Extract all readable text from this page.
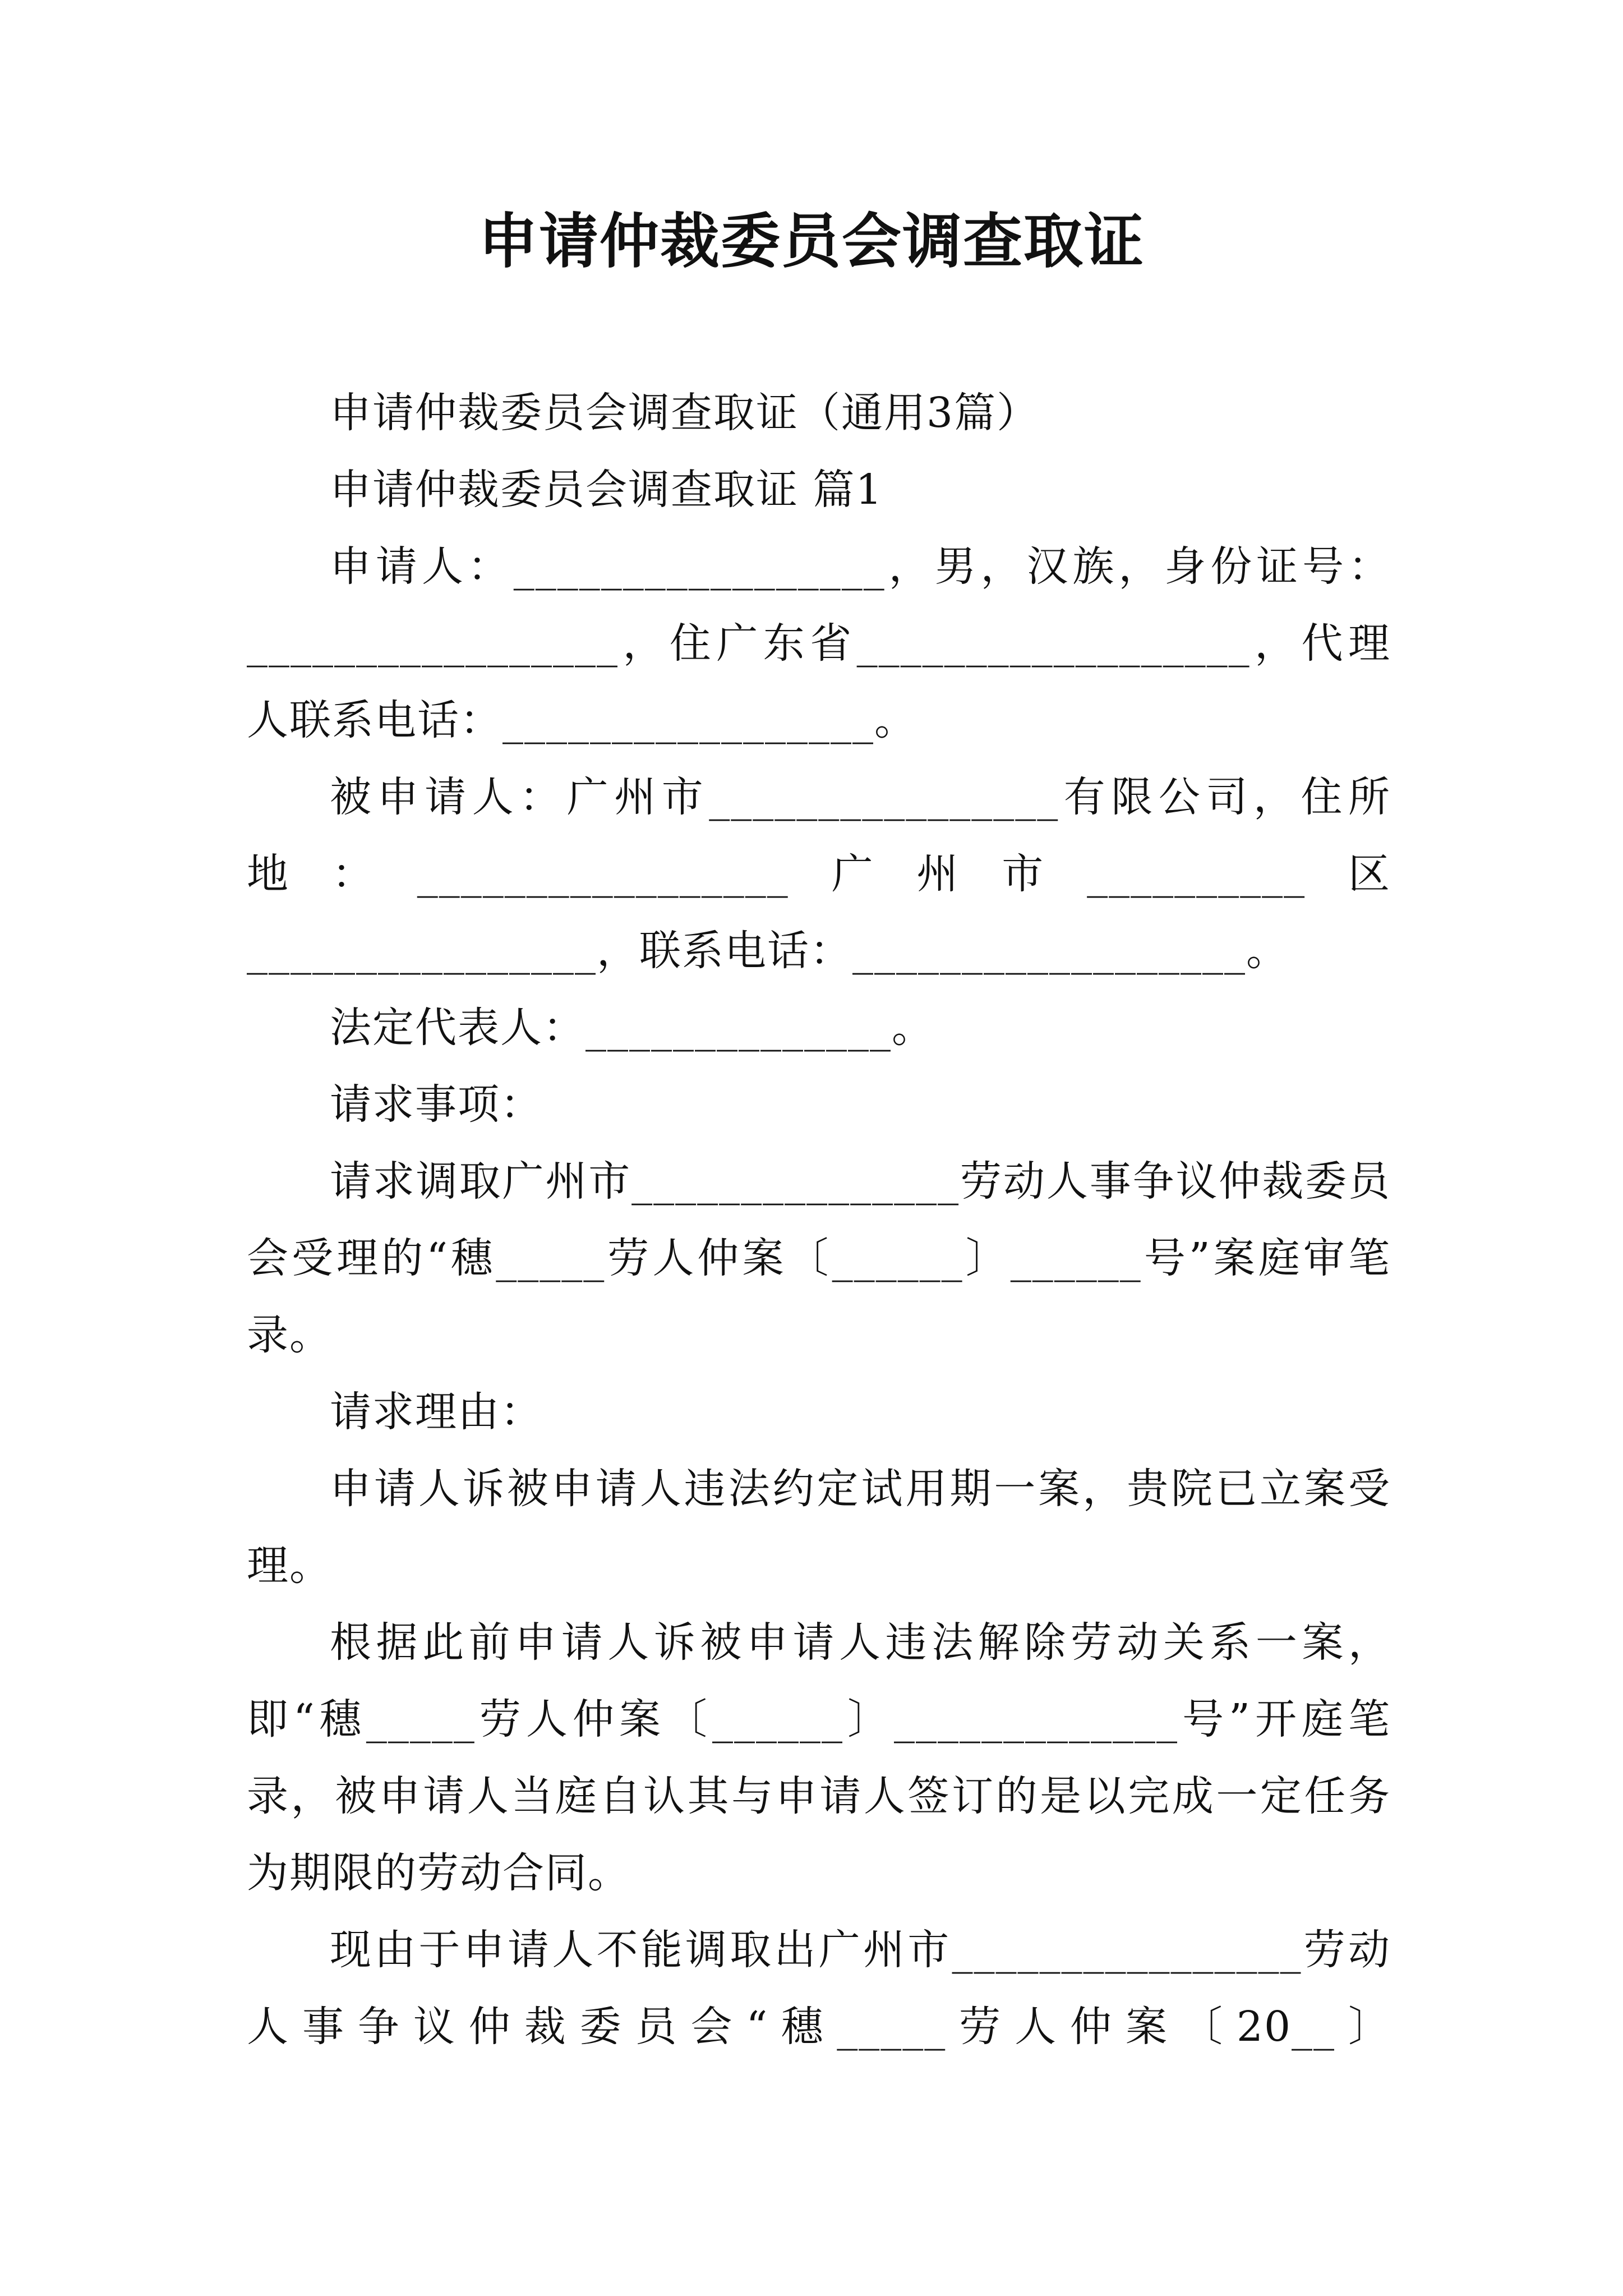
申请仲裁委员会调查取证

申请仲裁委员会调查取证（通用3篇）

申请仲裁委员会调查取证 篇1

申请人：_________________，男，汉族，身份证号：_________________，住广东省__________________，代理人联系电话：_________________。

被申请人：广州市________________有限公司，住所地：_________________广州市__________区________________，联系电话：__________________。

法定代表人：______________。

请求事项：

请求调取广州市_______________劳动人事争议仲裁委员会受理的“穗_____劳人仲案〔______〕______号”案庭审笔录。

请求理由：

申请人诉被申请人违法约定试用期一案，贵院已立案受理。

根据此前申请人诉被申请人违法解除劳动关系一案，即“穗_____劳人仲案〔______〕_____________号”开庭笔录，被申请人当庭自认其与申请人签订的是以完成一定任务为期限的劳动合同。

现由于申请人不能调取出广州市________________劳动人事争议仲裁委员会“穗_____劳人仲案〔20__〕
